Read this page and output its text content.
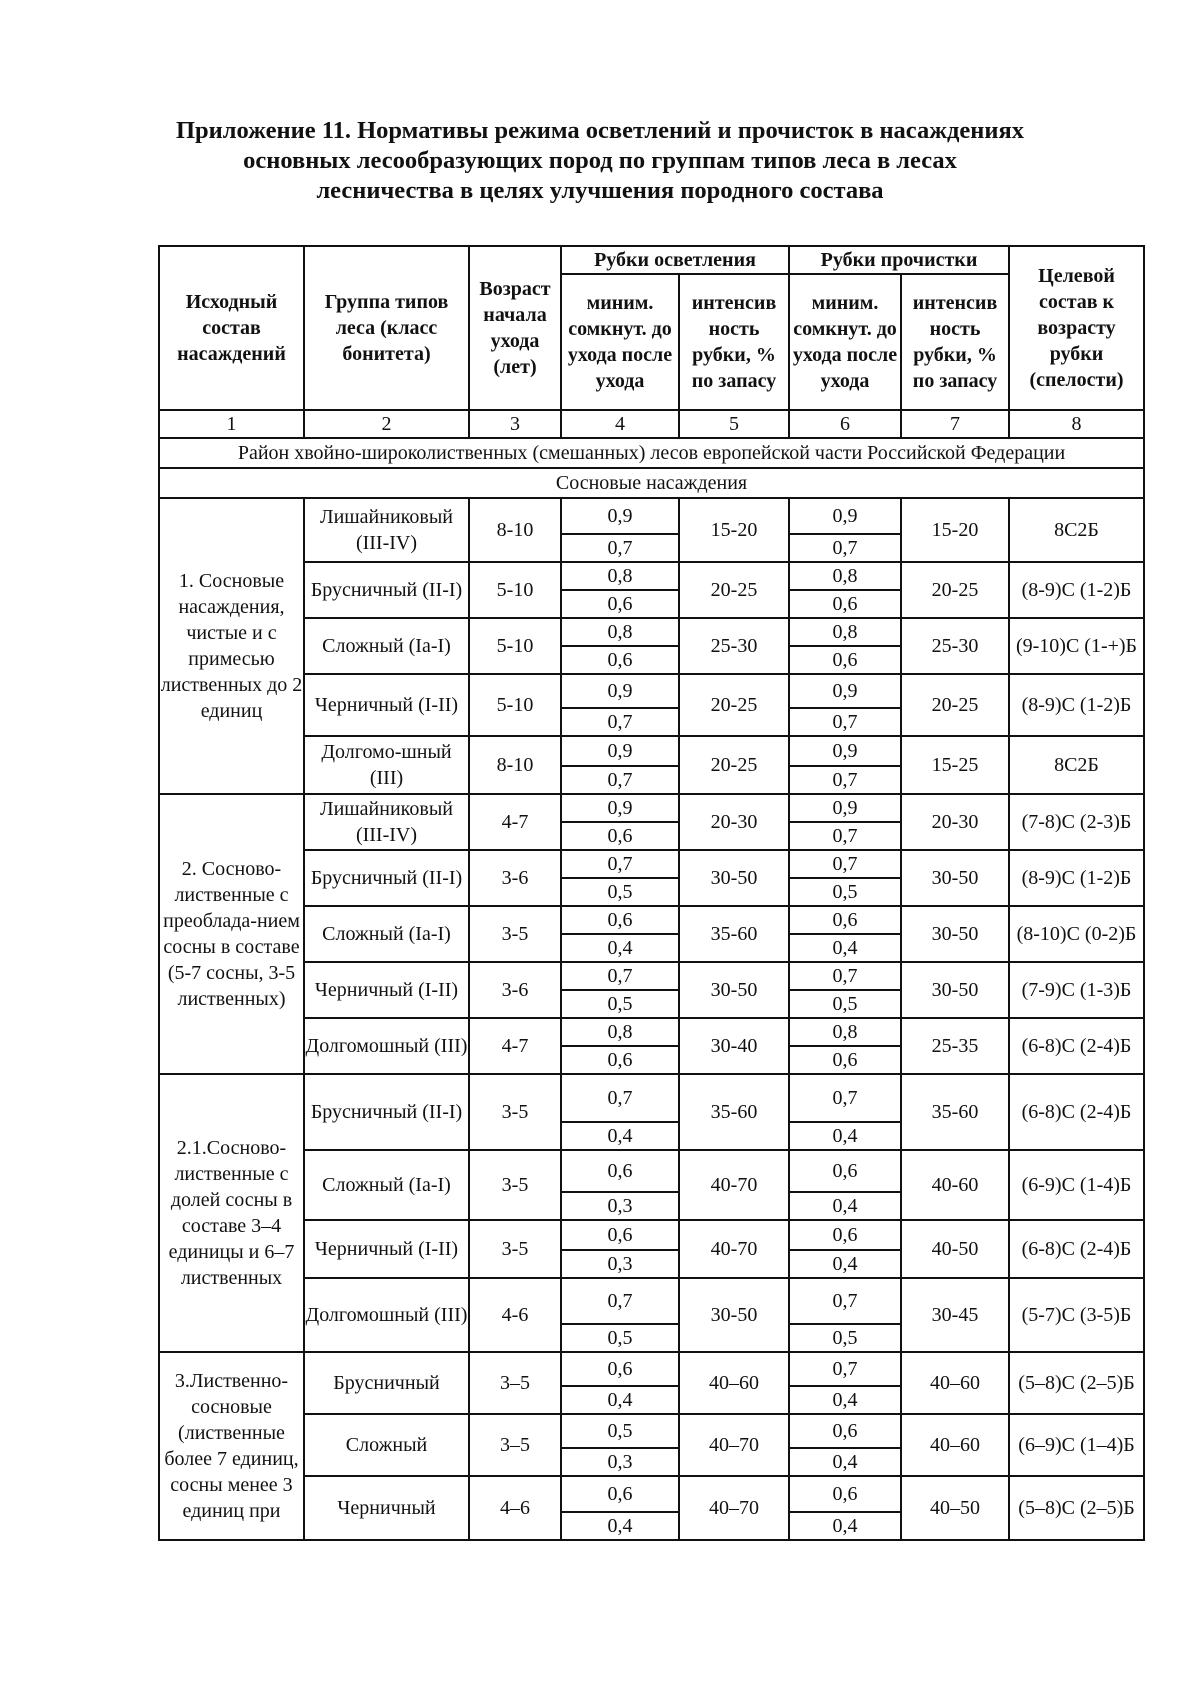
Приложение 11. Нормативы режима осветлений и прочисток в насаждениях
основных лесообразующих пород по группам типов леса в лесах
лесничества в целях улучшения породного состава
Исходный состав насаждений	Группа типов леса (класс бонитета)	Возраст начала ухода (лет)	Рубки осветления		Рубки прочистки		Целевой состав к возрасту рубки (спелости)
			миним. сомкнут. до ухода после ухода	интенсив ность рубки, % по запасу	миним. сомкнут. до ухода после ухода	интенсив ность рубки, % по запасу	
1	2	3	4	5	6	7	8
Район хвойно-широколиственных (смешанных) лесов европейской части Российской Федерации							
Сосновые насаждения							
1. Сосновые насаждения, чистые и с примесью лиственных до 2 единиц	Лишайниковый (III-IV)	8-10	0,9	15-20	0,9	15-20	8С2Б
			0,7		0,7		
	Брусничный (II-I)	5-10	0,8	20-25	0,8	20-25	(8-9)С (1-2)Б
			0,6		0,6		
	Сложный (Iа-I)	5-10	0,8	25-30	0,8	25-30	(9-10)С (1-+)Б
			0,6		0,6		
	Черничный (I-II)	5-10	0,9	20-25	0,9	20-25	(8-9)С (1-2)Б
			0,7		0,7		
	Долгомо-шный (III)	8-10	0,9	20-25	0,9	15-25	8С2Б
			0,7		0,7		
2. Сосново-лиственные с преоблада-нием сосны в составе (5-7 сосны, 3-5 лиственных)	Лишайниковый (III-IV)	4-7	0,9	20-30	0,9	20-30	(7-8)С (2-3)Б
			0,6		0,7		
	Брусничный (II-I)	3-6	0,7	30-50	0,7	30-50	(8-9)С (1-2)Б
			0,5		0,5		
	Сложный (Iа-I)	3-5	0,6	35-60	0,6	30-50	(8-10)С (0-2)Б
			0,4		0,4		
	Черничный (I-II)	3-6	0,7	30-50	0,7	30-50	(7-9)С (1-3)Б
			0,5		0,5		
	Долгомошный (III)	4-7	0,8	30-40	0,8	25-35	(6-8)С (2-4)Б
			0,6		0,6		
2.1.Сосново-лиственные с долей сосны в составе 3–4 единицы и 6–7 лиственных	Брусничный (II-I)	3-5	0,7	35-60	0,7	35-60	(6-8)С (2-4)Б
			0,4		0,4		
	Сложный (Iа-I)	3-5	0,6	40-70	0,6	40-60	(6-9)С (1-4)Б
			0,3		0,4		
	Черничный (I-II)	3-5	0,6	40-70	0,6	40-50	(6-8)С (2-4)Б
			0,3		0,4		
	Долгомошный (III)	4-6	0,7	30-50	0,7	30-45	(5-7)С (3-5)Б
			0,5		0,5		
3.Лиственно-сосновые (лиственные более 7 единиц, сосны менее 3 единиц при	Брусничный	3–5	0,6	40–60	0,7	40–60	(5–8)С (2–5)Б
			0,4		0,4		
	Сложный	3–5	0,5	40–70	0,6	40–60	(6–9)С (1–4)Б
			0,3		0,4		
	Черничный	4–6	0,6	40–70	0,6	40–50	(5–8)С (2–5)Б
			0,4		0,4		
